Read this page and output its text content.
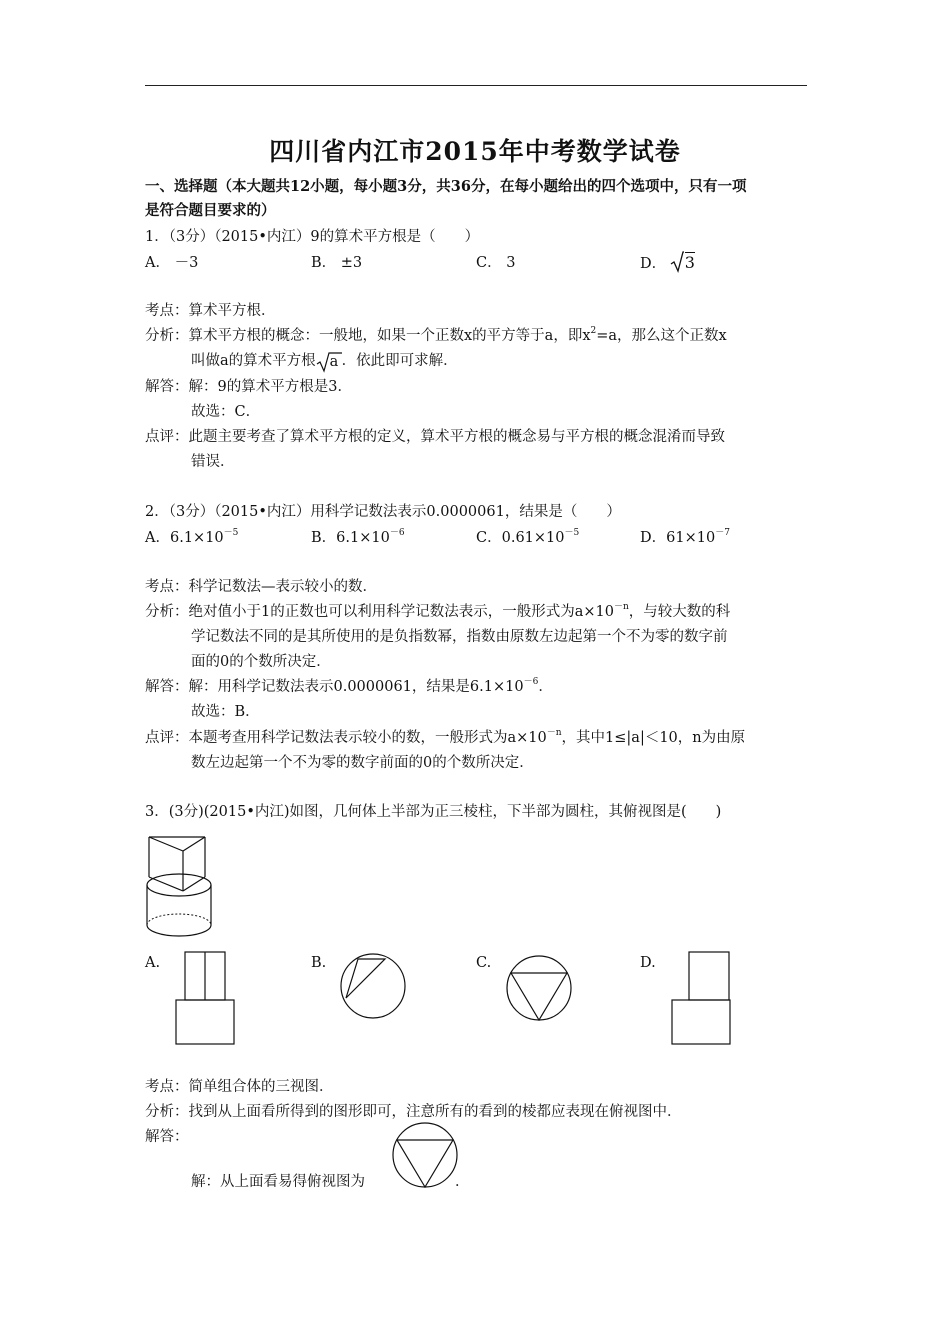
四川省内江市2015年中考数学试卷
一、选择题（本大题共12小题，每小题3分，共36分，在每小题给出的四个选项中，只有一项
是符合题目要求的）
1．（3分）（2015•内江）9的算术平方根是（　　）
A． －3	B． ±3	C． 3	D． 3
考点：算术平方根．
分析：算术平方根的概念：一般地，如果一个正数x的平方等于a，即$x^2=a$，那么这个正数x
叫做a的算术平方根 a ．依此即可求解．
解答：解：9的算术平方根是3．
故选：C．
点评：此题主要考查了算术平方根的定义，算术平方根的概念易与平方根的概念混淆而导致
错误．
2．（3分）（2015•内江）用科学记数法表示0.0000061，结果是（　　）
A．$6.1\times 10^{-5}$	B．$6.1\times 10^{-6}$	C．$0.61\times 10^{-5}$	D．$61\times 10^{-7}$
考点：科学记数法—表示较小的数．
分析：绝对值小于1的正数也可以利用科学记数法表示，一般形式为$a\times 10^{-n}$，与较大数的科
学记数法不同的是其所使用的是负指数幂，指数由原数左边起第一个不为零的数字前
面的0的个数所决定．
解答：解：用科学记数法表示0.0000061，结果是$6.1\times 10^{-6}$．
故选：B．
点评：本题考查用科学记数法表示较小的数，一般形式为$a\times 10^{-n}$，其中1≤|a|＜10，n为由原
数左边起第一个不为零的数字前面的0的个数所决定．
3．(3分)(2015•内江)如图，几何体上半部为正三棱柱，下半部为圆柱，其俯视图是(　　)
A.	B.	C.	D.
考点：简单组合体的三视图．
分析：找到从上面看所得到的图形即可，注意所有的看到的棱都应表现在俯视图中．
解答：
解：从上面看易得俯视图为	．
